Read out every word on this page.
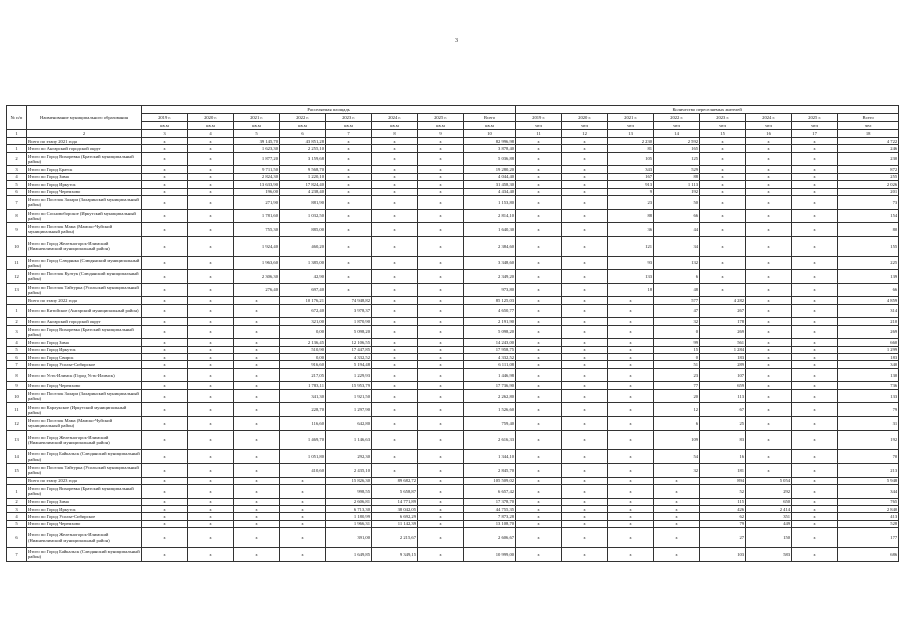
3
№ п/п	Наименование муниципального образования	Расселяемая площадь								Количество переселяемых жителей							
		2019 г.	2020 г.	2021 г.	2022 г.	2023 г.	2024 г.	2025 г.	Всего	2019 г.	2020 г.	2021 г.	2022 г.	2023 г.	2024 г.	2025 г.	Всего
		кв.м	кв.м	кв.м	кв.м	кв.м	кв.м	кв.м	кв.м	чел	чел	чел	чел	чел	чел	чел	чел
1	2	3	4	5	6	7	8	9	10	11	12	13	14	15	16	17	18
	Всего по этапу 2021 года	x	x	39 145,70	43 851,28	x	x	x	82 996,98	x	x	2 230	2 592	x	x	x	4 722
1	Итого по Ангарский городской округ	x	x	1 623,30	2 255,10	x	x	x	3 878,40	x	x	81	165	x	x	x	246
2	Итого по Город Вихоревка (Братский муниципальный район)	x	x	1 877,20	3 159,68	x	x	x	5 036,88	x	x	105	125	x	x	x	230
3	Итого по Город Братск	x	x	9 711,50	9 568,70	x	x	x	19 280,20	x	x	343	529	x	x	x	872
4	Итого по Город Зима	x	x	2 824,30	1 220,10	x	x	x	4 044,40	x	x	167	88	x	x	x	255
5	Итого по Город Иркутск	x	x	13 633,90	17 824,40	x	x	x	31 458,30	x	x	913	1 113	x	x	x	2 026
6	Итого по Город Черемхово	x	x	196,00	4 238,40	x	x	x	4 434,40	x	x	9	192	x	x	x	201
7	Итого по Поселок Залари (Заларинский муниципальный район)	x	x	271,90	881,90	x	x	x	1 153,80	x	x	23	50	x	x	x	73
8	Итого по Сосновоборское (Иркутский муниципальный район)	x	x	1 781,60	1 032,50	x	x	x	2 814,10	x	x	88	66	x	x	x	154
9	Итого по Поселок Мама (Мамско-Чуйский муниципальный район)	x	x	755,30	885,00	x	x	x	1 640,30	x	x	36	44	x	x	x	80
10	Итого по Город Железногорск-Илимский (Нижнеилимский муниципальный район)	x	x	1 924,40	460,20	x	x	x	2 384,60	x	x	121	34	x	x	x	155
11	Итого по Город Слюдянка (Слюдянский муниципальный район)	x	x	1 963,60	1 385,00	x	x	x	3 348,60	x	x	93	132	x	x	x	225
12	Итого по Поселок Култук (Слюдянский муниципальный район)	x	x	2 306,30	42,90	x	x	x	2 349,20	x	x	133	6	x	x	x	139
13	Итого по Поселок Тайтурка (Усольский муниципальный район)	x	x	276,40	697,40	x	x	x	973,80	x	x	18	48	x	x	x	66
	Всего по этапу 2022 года	x	x	x	10 176,21	74 948,82	x	x	85 125,03	x	x	x	577	4 282	x	x	4 859
1	Итого по Китойское (Ангарский муниципальный район)	x	x	x	672,40	3 978,37	x	x	4 650,77	x	x	x	47	267	x	x	314
2	Итого по Ангарский городской округ	x	x	x	321,00	1 870,90	x	x	2 191,90	x	x	x	32	178	x	x	210
3	Итого по Город Вихоревка (Братский муниципальный район)	x	x	x	0,00	5 098,20	x	x	5 098,20	x	x	x	0	269	x	x	269
4	Итого по Город Зима	x	x	x	2 136,45	12 106,55	x	x	14 243,00	x	x	x	99	561	x	x	660
5	Итого по Город Иркутск	x	x	x	510,90	17 447,85	x	x	17 958,75	x	x	x	15	1 284	x	x	1 299
6	Итого по Город Свирск	x	x	x	0,00	4 332,52	x	x	4 332,52	x	x	x	0	183	x	x	183
7	Итого по Город Усолье-Сибирское	x	x	x	916,60	5 194,48	x	x	6 111,08	x	x	x	51	289	x	x	340
8	Итого по Усть-Илимск (Город Усть-Илимск)	x	x	x	217,05	1 229,93	x	x	1 446,98	x	x	x	23	107	x	x	130
9	Итого по Город Черемхово	x	x	x	1 783,11	15 953,79	x	x	17 736,90	x	x	x	77	659	x	x	736
10	Итого по Поселок Залари (Заларинский муниципальный район)	x	x	x	341,30	1 921,50	x	x	2 262,80	x	x	x	20	113	x	x	133
11	Итого по Карлукское (Иркутский муниципальный район)	x	x	x	228,70	1 297,90	x	x	1 526,60	x	x	x	12	67	x	x	79
12	Итого по Поселок Мама (Мамско-Чуйский муниципальный район)	x	x	x	116,60	642,80	x	x	759,40	x	x	x	6	25	x	x	31
13	Итого по Город Железногорск-Илимский (Нижнеилимский муниципальный район)	x	x	x	1 469,70	1 146,63	x	x	2 616,33	x	x	x	109	83	x	x	192
14	Итого по Город Байкальск (Слюдянский муниципальный район)	x	x	x	1 051,80	292,30	x	x	1 344,10	x	x	x	54	16	x	x	70
15	Итого по Поселок Тайтурка (Усольский муниципальный район)	x	x	x	410,60	2 435,10	x	x	2 845,70	x	x	x	32	181	x	x	213
	Всего по этапу 2023 года	x	x	x	x	15 826,30	89 682,72	x	105 509,02	x	x	x	x	894	5 054	x	5 948
1	Итого по Город Вихоревка (Братский муниципальный район)	x	x	x	x	998,55	5 658,87	x	6 657,42	x	x	x	x	52	292	x	344
2	Итого по Город Зима	x	x	x	x	2 606,81	14 771,89	x	17 378,70	x	x	x	x	115	650	x	765
3	Итого по Город Иркутск	x	x	x	x	6 713,30	38 042,05	x	44 755,35	x	x	x	x	426	2 414	x	2 840
4	Итого по Город Усолье-Сибирское	x	x	x	x	1 180,99	6 692,29	x	7 873,28	x	x	x	x	62	351	x	413
5	Итого по Город Черемхово	x	x	x	x	1 966,31	11 142,39	x	13 108,70	x	x	x	x	79	449	x	528
6	Итого по Город Железногорск-Илимский (Нижнеилимский муниципальный район)	x	x	x	x	391,00	2 215,67	x	2 606,67	x	x	x	x	27	150	x	177
7	Итого по Город Байкальск (Слюдянский муниципальный район)	x	x	x	x	1 649,85	9 349,15	x	10 999,00	x	x	x	x	103	583	x	686
